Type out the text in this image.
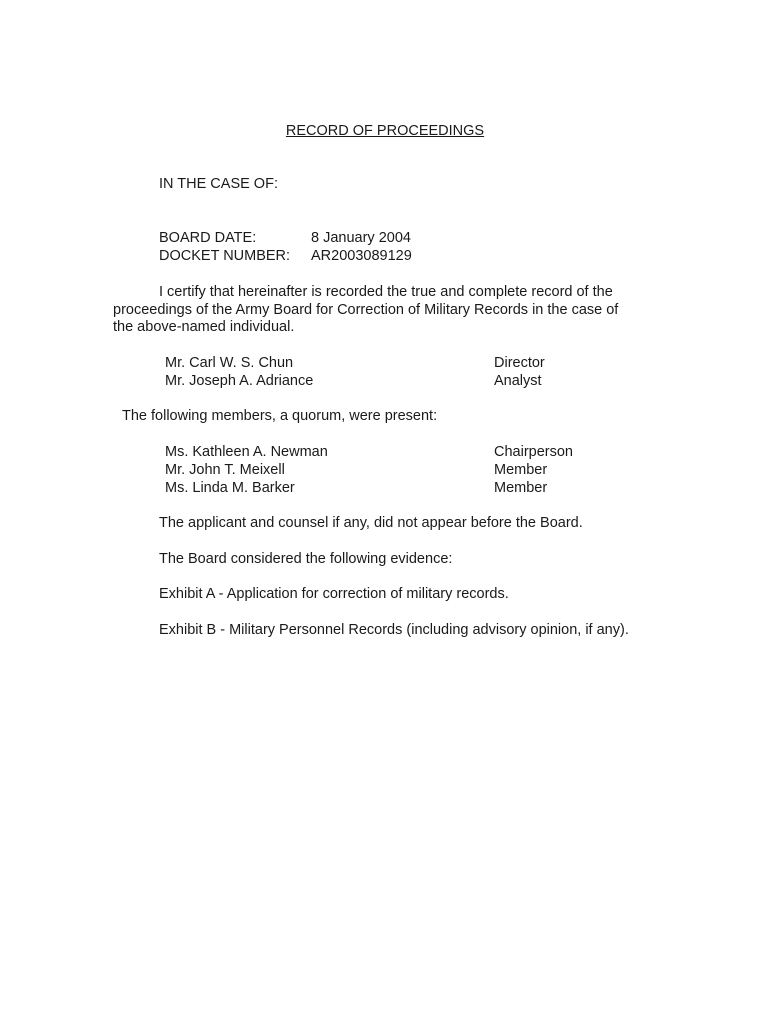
RECORD OF PROCEEDINGS
IN THE CASE OF:
BOARD DATE:	8 January 2004
DOCKET NUMBER: AR2003089129
I certify that hereinafter is recorded the true and complete record of the
proceedings of the Army Board for Correction of Military Records in the case of
the above-named individual.
Mr. Carl W. S. Chun	Director
Mr. Joseph A. Adriance	Analyst
The following members, a quorum, were present:
Ms. Kathleen A. Newman	Chairperson
Mr. John T. Meixell	Member
Ms. Linda M. Barker	Member
The applicant and counsel if any, did not appear before the Board.
The Board considered the following evidence:
Exhibit A - Application for correction of military records.
Exhibit B - Military Personnel Records (including advisory opinion, if any).
